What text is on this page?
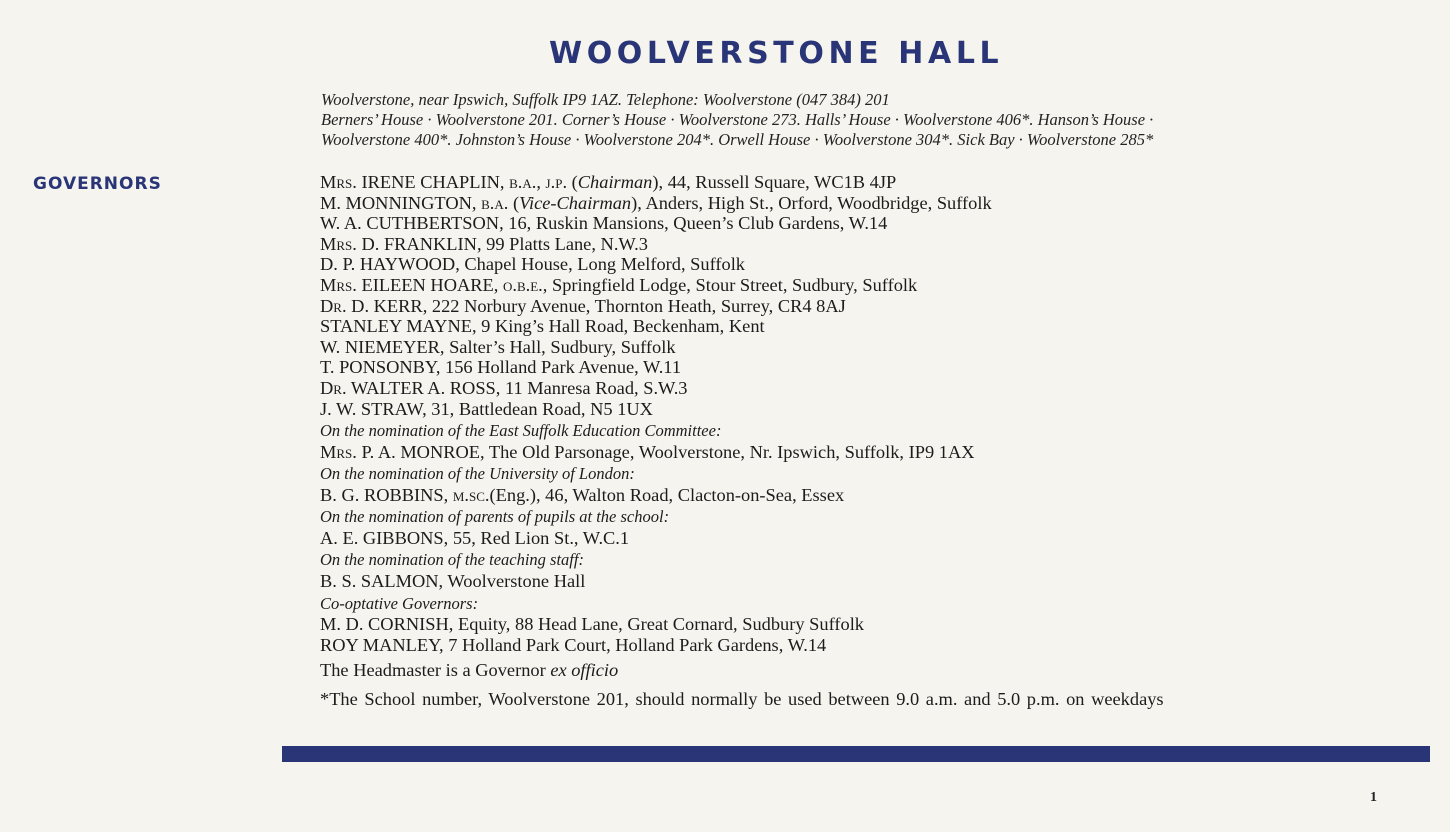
WOOLVERSTONE HALL
Woolverstone, near Ipswich, Suffolk IP9 1AZ. Telephone: Woolverstone (047 384) 201
Berners’ House · Woolverstone 201. Corner’s House · Woolverstone 273. Halls’ House · Woolverstone 406*. Hanson’s House ·
Woolverstone 400*. Johnston’s House · Woolverstone 204*. Orwell House · Woolverstone 304*. Sick Bay · Woolverstone 285*
GOVERNORS	Mrs. IRENE CHAPLIN, b.a., j.p. (Chairman), 44, Russell Square, WC1B 4JP
M. MONNINGTON, b.a. (Vice-Chairman), Anders, High St., Orford, Woodbridge, Suffolk
W. A. CUTHBERTSON, 16, Ruskin Mansions, Queen’s Club Gardens, W.14
Mrs. D. FRANKLIN, 99 Platts Lane, N.W.3
D. P. HAYWOOD, Chapel House, Long Melford, Suffolk
Mrs. EILEEN HOARE, o.b.e., Springfield Lodge, Stour Street, Sudbury, Suffolk
Dr. D. KERR, 222 Norbury Avenue, Thornton Heath, Surrey, CR4 8AJ
STANLEY MAYNE, 9 King’s Hall Road, Beckenham, Kent
W. NIEMEYER, Salter’s Hall, Sudbury, Suffolk
T. PONSONBY, 156 Holland Park Avenue, W.11
Dr. WALTER A. ROSS, 11 Manresa Road, S.W.3
J. W. STRAW, 31, Battledean Road, N5 1UX
On the nomination of the East Suffolk Education Committee:
Mrs. P. A. MONROE, The Old Parsonage, Woolverstone, Nr. Ipswich, Suffolk, IP9 1AX
On the nomination of the University of London:
B. G. ROBBINS, m.sc.(Eng.), 46, Walton Road, Clacton-on-Sea, Essex
On the nomination of parents of pupils at the school:
A. E. GIBBONS, 55, Red Lion St., W.C.1
On the nomination of the teaching staff:
B. S. SALMON, Woolverstone Hall
Co-optative Governors:
M. D. CORNISH, Equity, 88 Head Lane, Great Cornard, Sudbury Suffolk
ROY MANLEY, 7 Holland Park Court, Holland Park Gardens, W.14
The Headmaster is a Governor ex officio
*The School number, Woolverstone 201, should normally be used between 9.0 a.m. and 5.0 p.m. on weekdays
1
